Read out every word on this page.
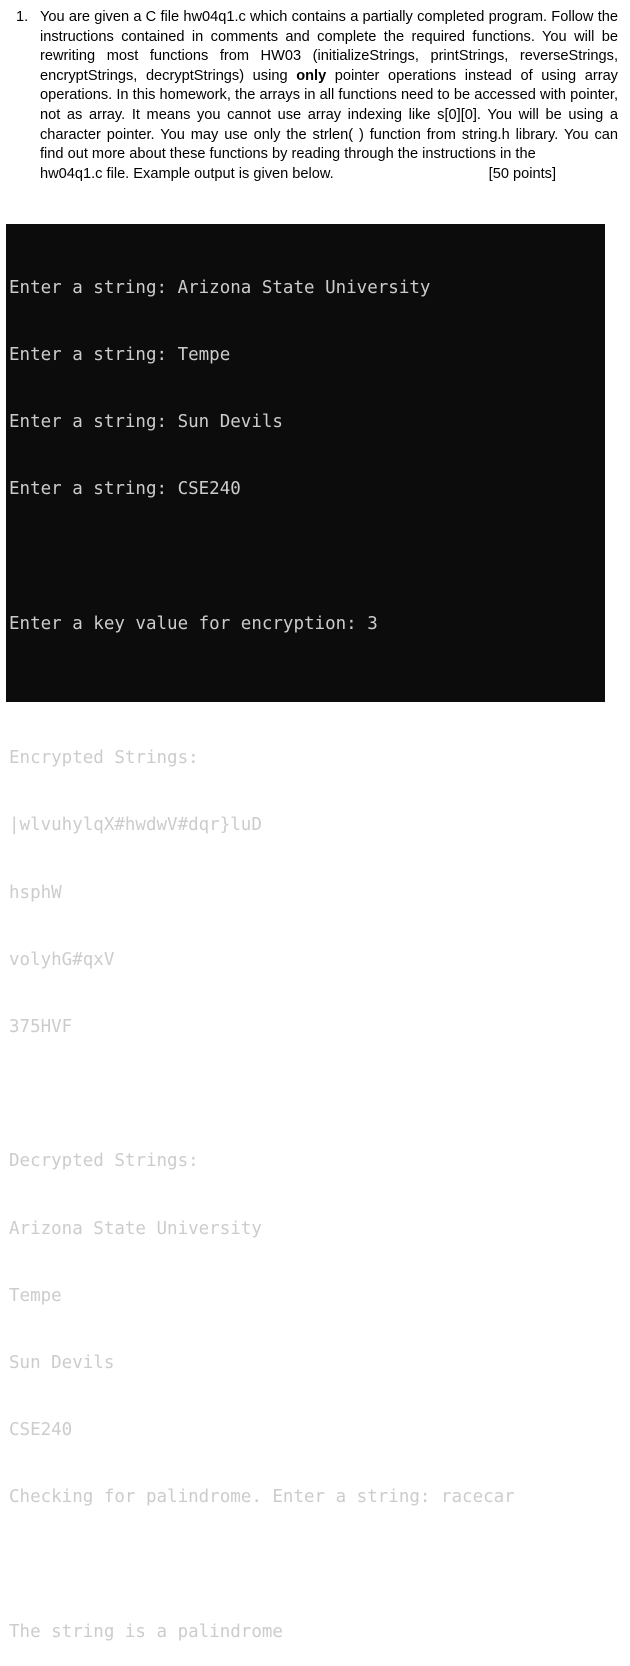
1. You are given a C file hw04q1.c which contains a partially completed program. Follow the instructions contained in comments and complete the required functions. You will be rewriting most functions from HW03 (initializeStrings, printStrings, reverseStrings, encryptStrings, decryptStrings) using only pointer operations instead of using array operations. In this homework, the arrays in all functions need to be accessed with pointer, not as array. It means you cannot use array indexing like s[0][0]. You will be using a character pointer. You may use only the strlen( ) function from string.h library. You can find out more about these functions by reading through the instructions in the
hw04q1.c file. Example output is given below.	[50 points]

Enter a string: Arizona State University

Enter a string: Tempe

Enter a string: Sun Devils

Enter a string: CSE240

Enter a key value for encryption: 3

Encrypted Strings:

|wlvuhylqX#hwdwV#dqr}luD

hsphW

volyhG#qxV

375HVF

Decrypted Strings:

Arizona State University

Tempe

Sun Devils

CSE240

Checking for palindrome. Enter a string: racecar

The string is a palindrome
